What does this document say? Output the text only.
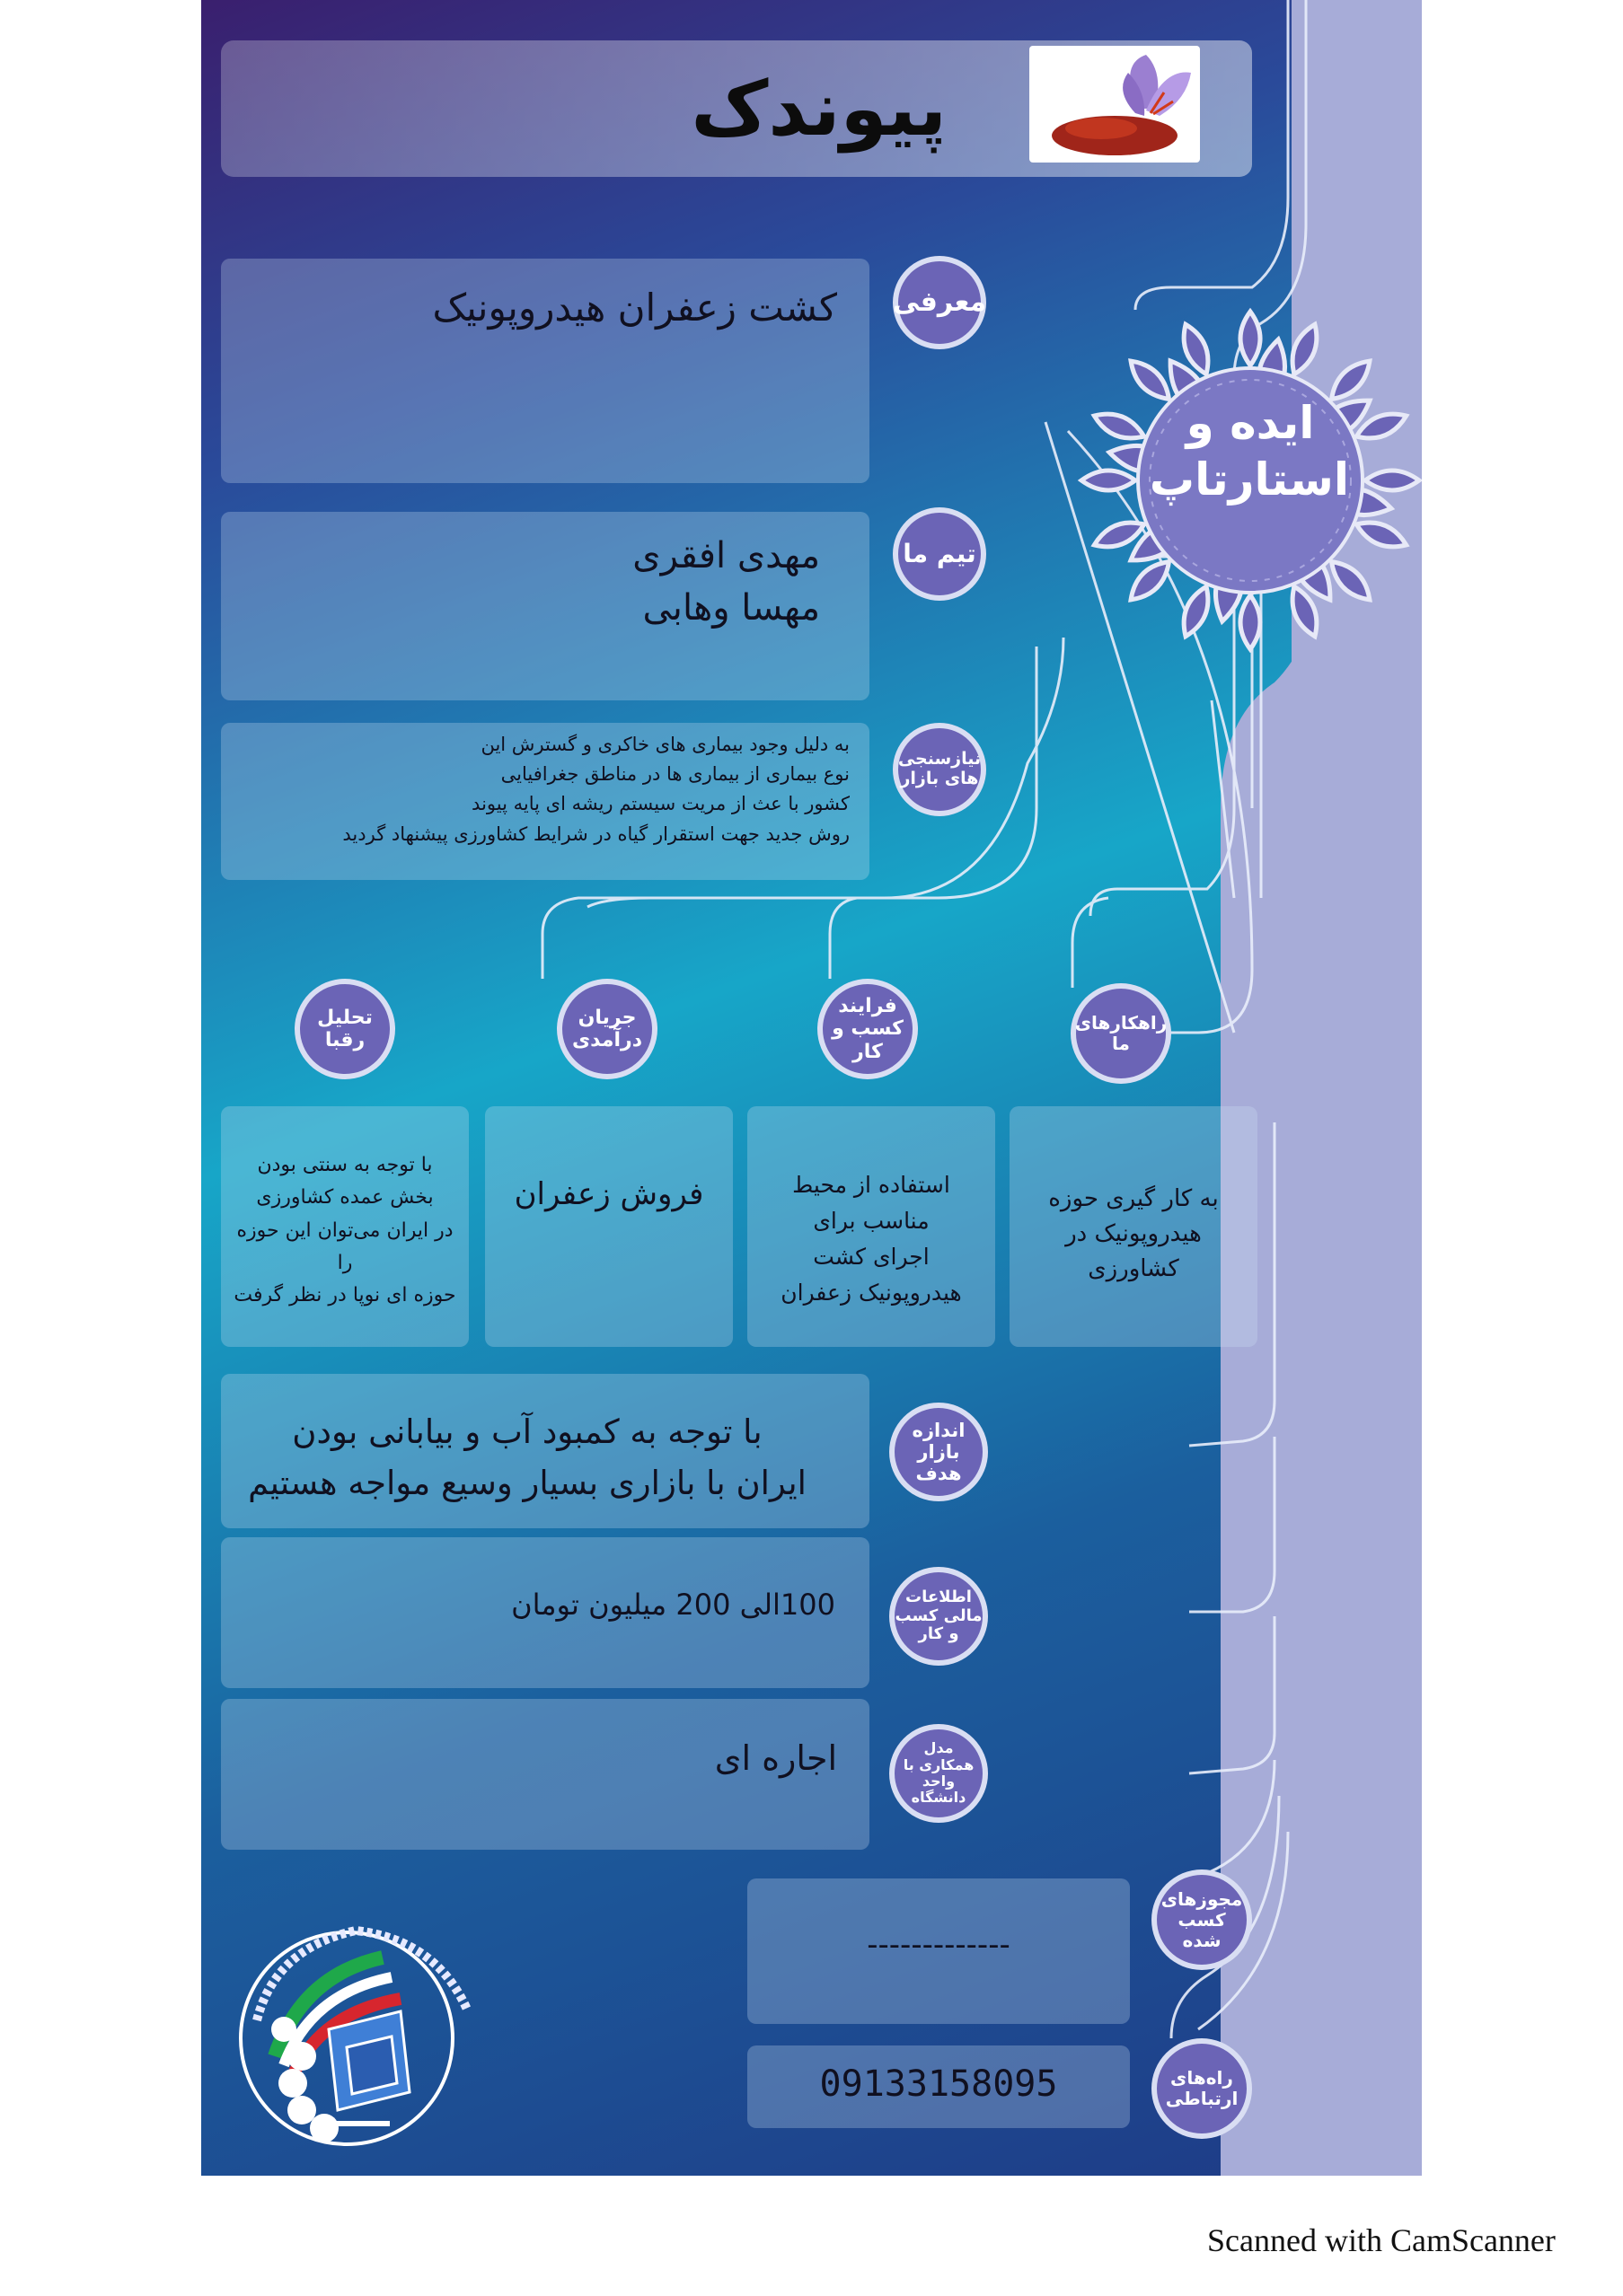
پیوندک
ایده و استارتاپ
کشت زعفران هیدروپونیک معرفی
مهدی افقری
مهسا وهابی
تیم ما
به دلیل وجود بیماری های خاکری و گسترش این
نوع بیماری از بیماری ها در مناطق جغرافیایی
کشور با عث از مریت سیستم ریشه ای پایه پیوند
روش جدید جهت استقرار گیاه در شرایط کشاورزی پیشنهاد گردید
نیازسنجی های بازار
راهکارهای ما
فرایند کسب و کار
جریان درآمدی
تحلیل رقبا
به کار گیری حوزه
هیدروپونیک در کشاورزی
استفاده از محیط مناسب برای
اجرای کشت هیدروپونیک زعفران
فروش زعفران
با توجه به سنتی بودن
بخش عمده کشاورزی
در ایران می‌توان این حوزه را
حوزه ای نوپا در نظر گرفت
با توجه به کمبود آب و بیابانی بودن
ایران با بازاری بسیار وسیع مواجه هستیم
اندازه بازار هدف
100الی 200 میلیون تومان	اطلاعات مالی کسب و کار
اجاره ای	مدل همکاری با واحد دانشگاه
-------------
مجوزهای کسب شده
09133158095	راه‌های ارتباطی
Scanned with CamScanner
